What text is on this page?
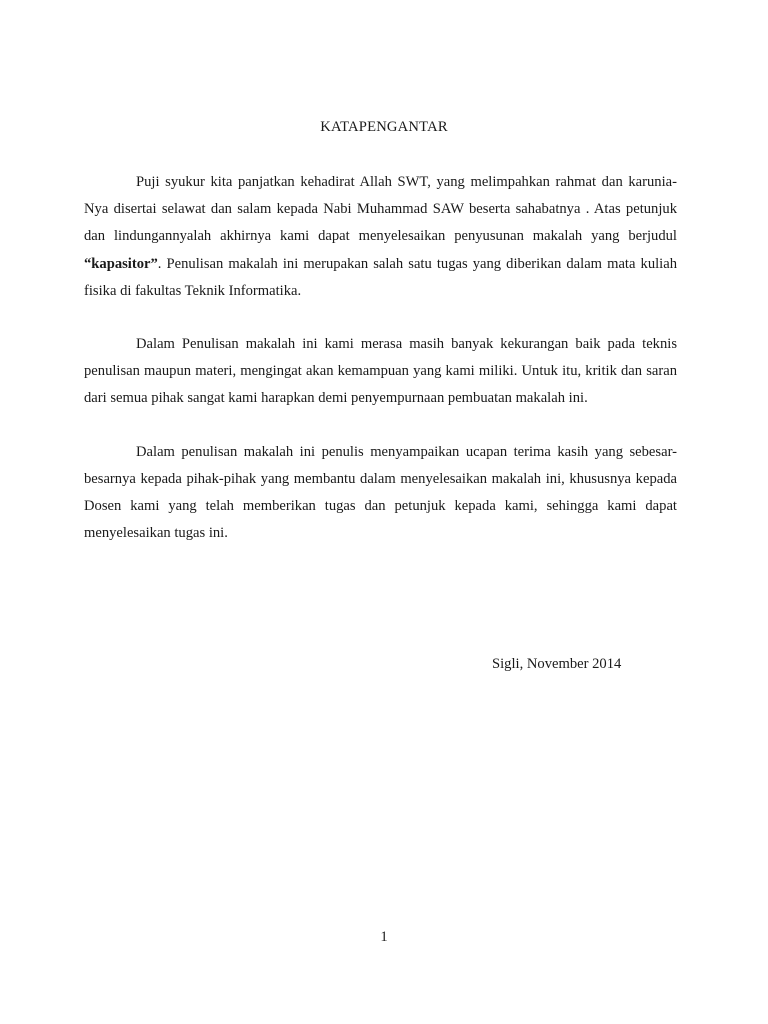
KATAPENGANTAR

Puji syukur kita panjatkan kehadirat Allah SWT, yang melimpahkan rahmat dan karunia-Nya disertai selawat dan salam kepada Nabi Muhammad SAW beserta sahabatnya . Atas petunjuk dan lindungannyalah akhirnya kami dapat menyelesaikan penyusunan makalah yang berjudul “kapasitor”. Penulisan makalah ini merupakan salah satu tugas yang diberikan dalam mata kuliah fisika di fakultas Teknik Informatika.

Dalam Penulisan makalah ini kami merasa masih banyak kekurangan baik pada teknis penulisan maupun materi, mengingat akan kemampuan yang kami miliki. Untuk itu, kritik dan saran dari semua pihak sangat kami harapkan demi penyempurnaan pembuatan makalah ini.

Dalam penulisan makalah ini penulis menyampaikan ucapan terima kasih yang sebesar-besarnya kepada pihak-pihak yang membantu dalam menyelesaikan makalah ini, khususnya kepada Dosen kami yang telah memberikan tugas dan petunjuk kepada kami, sehingga kami dapat menyelesaikan tugas ini.

Sigli, November 2014
1
